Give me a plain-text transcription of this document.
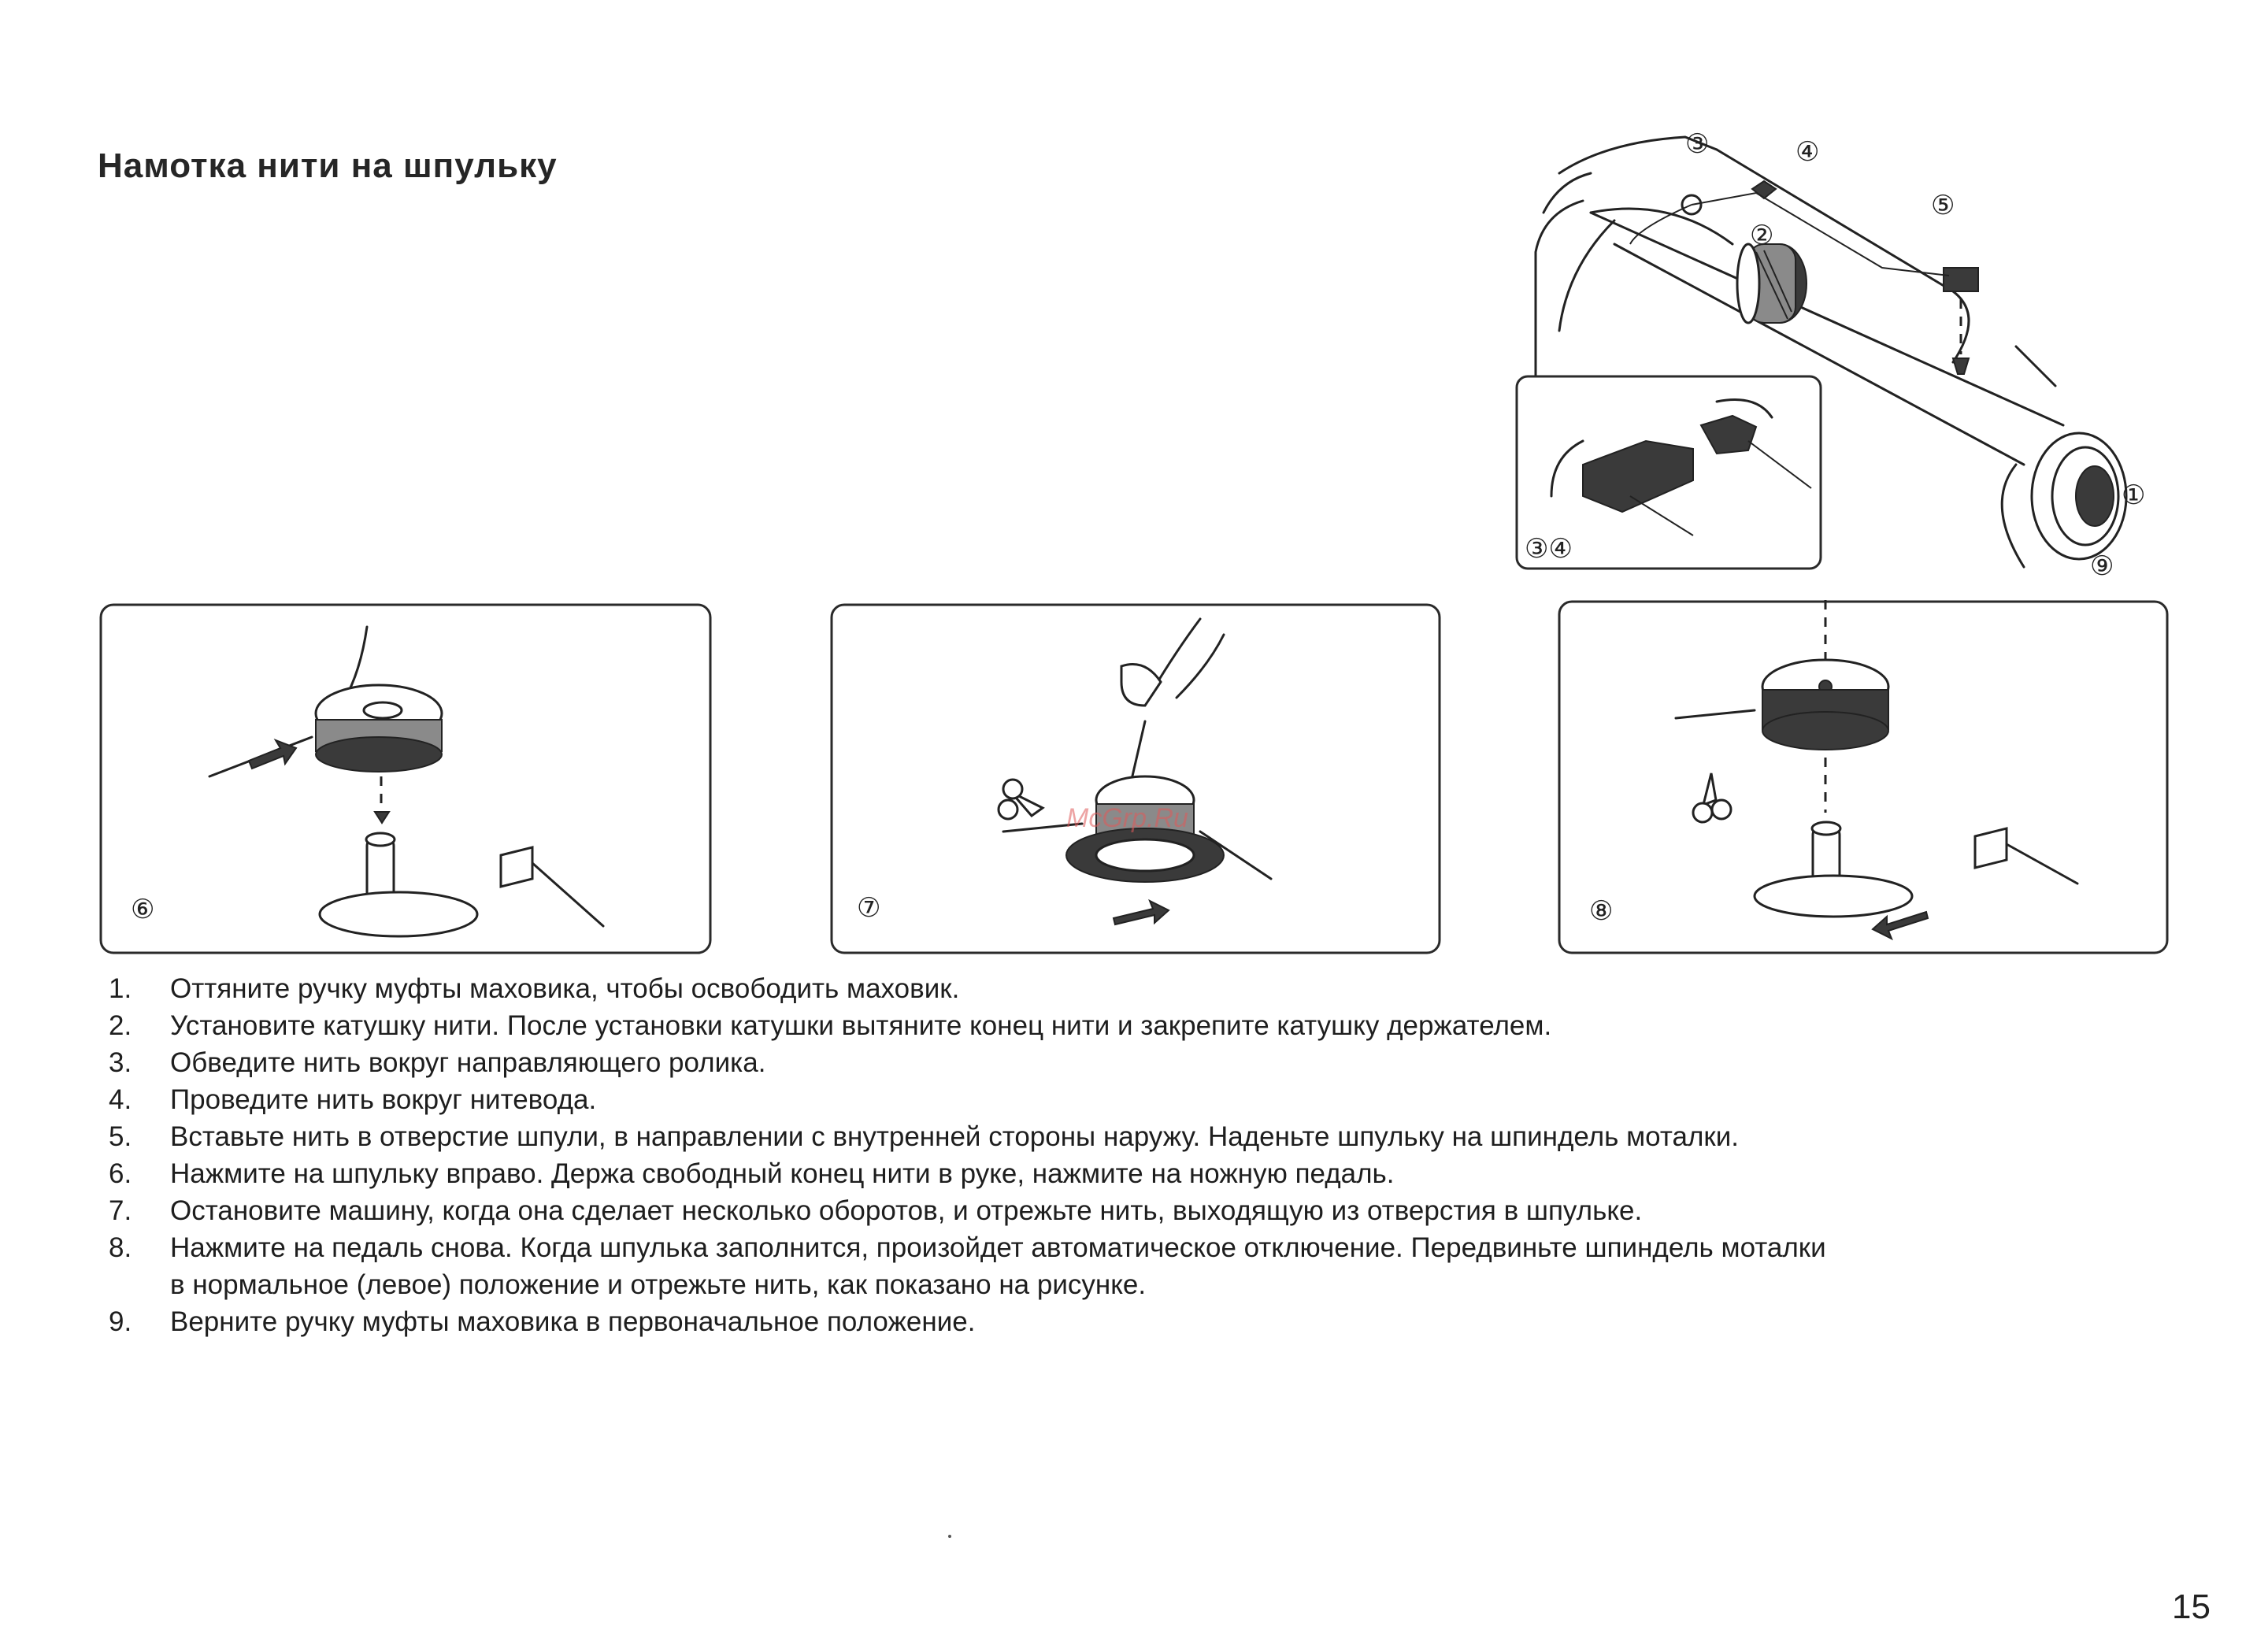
Намотка нити на шпульку
③	④
②
⑤
①
⑨
③④
⑥	⑦
McGrp.Ru
⑧
1. Оттяните ручку муфты маховика, чтобы освободить маховик.
2. Установите катушку нити. После установки катушки вытяните конец нити и закрепите катушку держателем.
3. Обведите нить вокруг направляющего ролика.
4. Проведите нить вокруг нитевода.
5. Вставьте нить в отверстие шпули, в направлении с внутренней стороны наружу. Наденьте шпульку на шпиндель моталки.
6. Нажмите на шпульку вправо. Держа свободный конец нити в руке, нажмите на ножную педаль.
7. Остановите машину, когда она сделает несколько оборотов, и отрежьте нить, выходящую из отверстия в шпульке.
8. Нажмите на педаль снова. Когда шпулька заполнится, произойдет автоматическое отключение. Передвиньте шпиндель моталки
в нормальное (левое) положение и отрежьте нить, как показано на рисунке.
9. Верните ручку муфты маховика в первоначальное положение.
15
